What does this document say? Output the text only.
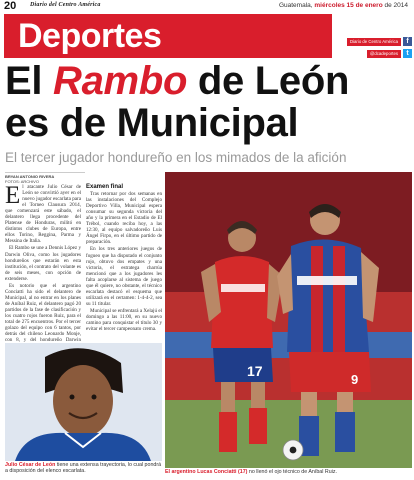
20 Diario del Centro América	Guatemala, miércoles 15 de enero de 2014
Deportes	Diario de Centro América	f
@dcadeportes	t
El Rambo de León
es de Municipal
El tercer jugador hondureño en los mimados de la afición
BRYAN ANTONIO RIVERA
FOTOS: ARCHIVO

El atacante Julio César de León se convirtió ayer en el nuevo jugador escarlata para el Torneo Clausura 2014, que comenzará este sábado, el delantero llega procedente del Platense de Honduras, militó en distintos clubes de Europa, entre ellos Torino, Reggina, Parma y Messina de Italia.

El Rambo se une a Dennis López y Darwin Oliva, como los jugadores hondureños que estarán en esta institución, el contrato del volante es de seis meses, con opción de extenderse.

Es notorio que el argentino Conciatti ha sido el delantero de Municipal, al no entrar en los planes de Aníbal Ruiz, el delantero pagó 20 partidos de la fase de clasificación y los cuatro rojos fueron Ruiz, para el total de 275 encuentros. Por el tercer golazo del equipo con 6 tantos, por detrás del chileno Leonardo Monje, con 8, y del hondureño Darwin

Examen final

Tras retornar por dos semanas en las instalaciones del Complejo Deportivo Villa, Municipal espera consumar su segunda victoria del año y la primera en el Estadio de El Trébol, cuando reciba hoy, a las 12:30, al equipo salvadoreño Luis Ángel Firpo, en el último partido de preparación.

En los tres anteriores juegos de fogueo que ha disputado el conjunto rojo, obtuvo dos empates y una victoria, el estratega charrúa mencionó que a los jugadores les falta acoplarse al sistema de juego que él quiere, no obstante, el técnico escarlata destacó el esquema que utilizará en el certamen: 1-4-4-2, sea su 11 titular.

Municipal se enfrentará a Xelajú el domingo a las 11:00, en su nuevo camino para conquistar el título 30 y evitar el tercer campeonato crema.

17
9
Julio César de León tiene una extensa trayectoria, lo cual pondrá a disposición del elenco escarlata.	El argentino Lucas Conciatti (17) no llenó el ojo técnico de Aníbal Ruiz.
